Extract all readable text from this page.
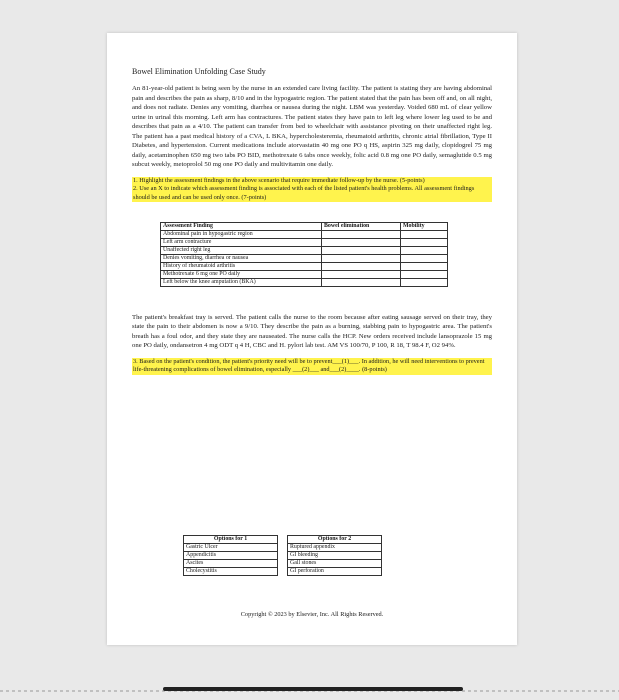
Bowel Elimination Unfolding Case Study

An 81-year-old patient is being seen by the nurse in an extended care living facility. The patient is stating they are having abdominal pain and describes the pain as sharp, 8/10 and in the hypogastric region. The patient stated that the pain has been off and, on all night, and does not radiate. Denies any vomiting, diarrhea or nausea during the night. LBM was yesterday. Voided 680 mL of clear yellow urine in urinal this morning. Left arm has contractures. The patient states they have pain to left leg where lower leg used to be and describes that pain as a 4/10. The patient can transfer from bed to wheelchair with assistance pivoting on their unaffected right leg. The patient has a past medical history of a CVA, L BKA, hypercholesteremia, rheumatoid arthritis, chronic atrial fibrillation, Type II Diabetes, and hypertension. Current medications include atorvastatin 40 mg one PO q HS, aspirin 325 mg daily, clopidogrel 75 mg daily, acetaminophen 650 mg two tabs PO BID, methotrexate 6 tabs once weekly, folic acid 0.8 mg one PO daily, semaglutide 0.5 mg subcut weekly, metoprolol 50 mg one PO daily and multivitamin one daily.

1. Highlight the assessment findings in the above scenario that require immediate follow-up by the nurse. (5-points)

2. Use an X to indicate which assessment finding is associated with each of the listed patient's health problems. All assessment findings should be used and can be used only once. (7-points)

Assessment Finding	Bowel elimination	Mobility
Abdominal pain in hypogastric region		
Left arm contracture		
Unaffected right leg		
Denies vomiting, diarrhea or nausea		
History of rheumatoid arthritis		
Methotrexate 6 mg one PO daily		
Left below the knee amputation (BKA)		

The patient's breakfast tray is served. The patient calls the nurse to the room because after eating sausage served on their tray, they state the pain to their abdomen is now a 9/10. They describe the pain as a burning, stabbing pain to hypogastric area. The patient's breath has a foul odor, and they state they are nauseated. The nurse calls the HCP. New orders received include lansoprazole 15 mg one PO daily, ondansetron 4 mg ODT q 4 H, CBC and H. pylori lab test. AM VS 100/70, P 100, R 18, T 98.4 F, O2 94%.

3. Based on the patient's condition, the patient's priority need will be to prevent___(1)___. In addition, he will need interventions to prevent life-threatening complications of bowel elimination, especially ___(2)___ and___(2)____. (8-points)

Options for 1
Gastric Ulcer
Appendicitis
Ascites
Cholecystitis
Options for 2
Ruptured appendix
GI bleeding
Gall stones
GI perforation
Copyright © 2023 by Elsevier, Inc. All Rights Reserved.
